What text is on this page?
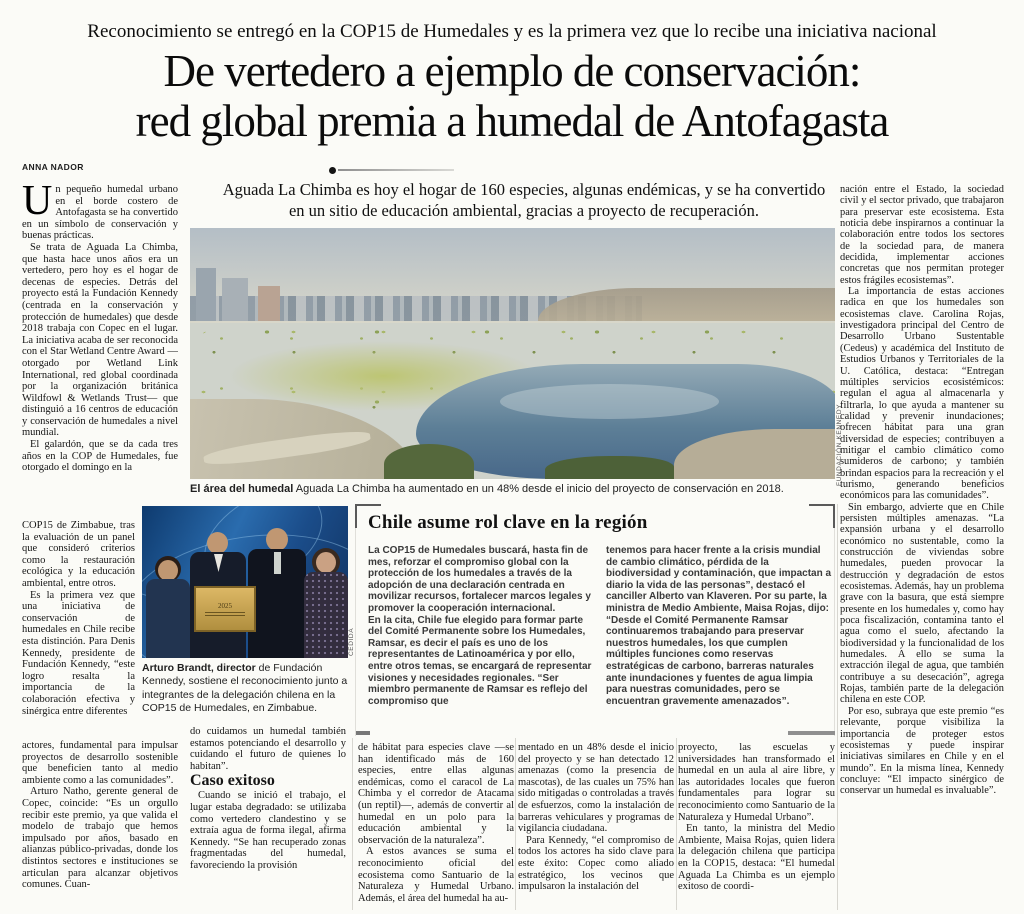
Reconocimiento se entregó en la COP15 de Humedales y es la primera vez que lo recibe una iniciativa nacional
De vertedero a ejemplo de conservación:
red global premia a humedal de Antofagasta
ANNA NADOR
Aguada La Chimba es hoy el hogar de 160 especies, algunas endémicas, y se ha convertido en un sitio de educación ambiental, gracias a proyecto de recuperación.

Un pequeño humedal urbano en el borde costero de Antofagasta se ha convertido en un símbolo de conservación y buenas prácticas.

Se trata de Aguada La Chimba, que hasta hace unos años era un vertedero, pero hoy es el hogar de decenas de especies. Detrás del proyecto está la Fundación Kennedy (centrada en la conservación y protección de humedales) que desde 2018 trabaja con Copec en el lugar. La iniciativa acaba de ser reconocida con el Star Wetland Centre Award —otorgado por Wetland Link International, red global coordinada por la organización británica Wildfowl & Wetlands Trust— que distinguió a 16 centros de educación y conservación de humedales a nivel mundial.

El galardón, que se da cada tres años en la COP de Humedales, fue otorgado el domingo en la

COP15 de Zimbabue, tras la evaluación de un panel que consideró criterios como la restauración ecológica y la educación ambiental, entre otros.

Es la primera vez que una iniciativa de conservación de humedales en Chile recibe esta distinción. Para Denis Kennedy, presidente de Fundación Kennedy, “este logro resalta la importancia de la colaboración efectiva y sinérgica entre diferentes

actores, fundamental para impulsar proyectos de desarrollo sostenible que beneficien tanto al medio ambiente como a las comunidades”.

Arturo Natho, gerente general de Copec, coincide: “Es un orgullo recibir este premio, ya que valida el modelo de trabajo que hemos impulsado por años, basado en alianzas público-privadas, donde los distintos sectores e instituciones se articulan para alcanzar objetivos comunes. Cuan-

do cuidamos un humedal también estamos potenciando el desarrollo y cuidando el futuro de quienes lo habitan”.

Caso exitoso

Cuando se inició el trabajo, el lugar estaba degradado: se utilizaba como vertedero clandestino y se extraía agua de forma ilegal, afirma Kennedy. “Se han recuperado zonas fragmentadas del humedal, favoreciendo la provisión

FUNDACIÓN KENNEDY
El área del humedal Aguada La Chimba ha aumentado en un 48% desde el inicio del proyecto de conservación en 2018.
2025
CEDIDA
Arturo Brandt, director de Fundación Kennedy, sostiene el reconocimiento junto a integrantes de la delegación chilena en la COP15 de Humedales, en Zimbabue.
Chile asume rol clave en la región

La COP15 de Humedales buscará, hasta fin de mes, reforzar el compromiso global con la protección de los humedales a través de la adopción de una declaración centrada en movilizar recursos, fortalecer marcos legales y promover la cooperación internacional.

En la cita, Chile fue elegido para formar parte del Comité Permanente sobre los Humedales, Ramsar, es decir el país es uno de los representantes de Latinoamérica y por ello, entre otros temas, se encargará de representar visiones y necesidades regionales. “Ser miembro permanente de Ramsar es reflejo del compromiso que

tenemos para hacer frente a la crisis mundial de cambio climático, pérdida de la biodiversidad y contaminación, que impactan a diario la vida de las personas”, destacó el canciller Alberto van Klaveren. Por su parte, la ministra de Medio Ambiente, Maisa Rojas, dijo: “Desde el Comité Permanente Ramsar continuaremos trabajando para preservar nuestros humedales, los que cumplen múltiples funciones como reservas estratégicas de carbono, barreras naturales ante inundaciones y fuentes de agua limpia para nuestras comunidades, pero se encuentran gravemente amenazados”.

de hábitat para especies clave —se han identificado más de 160 especies, entre ellas algunas endémicas, como el caracol de La Chimba y el corredor de Atacama (un reptil)—, además de convertir al humedal en un polo para la educación ambiental y la observación de la naturaleza”.

A estos avances se suma el reconocimiento oficial del ecosistema como Santuario de la Naturaleza y Humedal Urbano. Además, el área del humedal ha au-

mentado en un 48% desde el inicio del proyecto y se han detectado 12 amenazas (como la presencia de mascotas), de las cuales un 75% han sido mitigadas o controladas a través de esfuerzos, como la instalación de barreras vehiculares y programas de vigilancia ciudadana.

Para Kennedy, “el compromiso de todos los actores ha sido clave para este éxito: Copec como aliado estratégico, los vecinos que impulsaron la instalación del

proyecto, las escuelas y universidades han transformado el humedal en un aula al aire libre, y las autoridades locales que fueron fundamentales para lograr su reconocimiento como Santuario de la Naturaleza y Humedal Urbano”.

En tanto, la ministra del Medio Ambiente, Maisa Rojas, quien lidera la delegación chilena que participa en la COP15, destaca: “El humedal Aguada La Chimba es un ejemplo exitoso de coordi-

nación entre el Estado, la sociedad civil y el sector privado, que trabajaron para preservar este ecosistema. Esta noticia debe inspirarnos a continuar la colaboración entre todos los sectores de la sociedad para, de manera decidida, implementar acciones concretas que nos permitan proteger estos frágiles ecosistemas”.

La importancia de estas acciones radica en que los humedales son ecosistemas clave. Carolina Rojas, investigadora principal del Centro de Desarrollo Urbano Sustentable (Cedeus) y académica del Instituto de Estudios Urbanos y Territoriales de la U. Católica, destaca: “Entregan múltiples servicios ecosistémicos: regulan el agua al almacenarla y filtrarla, lo que ayuda a mantener su calidad y prevenir inundaciones; ofrecen hábitat para una gran diversidad de especies; contribuyen a mitigar el cambio climático como sumideros de carbono; y también brindan espacios para la recreación y el turismo, generando beneficios económicos para las comunidades”.

Sin embargo, advierte que en Chile persisten múltiples amenazas. “La expansión urbana y el desarrollo económico no sustentable, como la construcción de viviendas sobre humedales, pueden provocar la destrucción y degradación de estos ecosistemas. Además, hay un problema grave con la basura, que está siempre presente en los humedales y, como hay poca fiscalización, contamina tanto el agua como el suelo, afectando la biodiversidad y la funcionalidad de los humedales. A ello se suma la extracción ilegal de agua, que también contribuye a su desecación”, agrega Rojas, también parte de la delegación chilena en este COP.

Por eso, subraya que este premio “es relevante, porque visibiliza la importancia de proteger estos ecosistemas y puede inspirar iniciativas similares en Chile y en el mundo”. En la misma línea, Kennedy concluye: “El impacto sinérgico de conservar un humedal es invaluable”.
